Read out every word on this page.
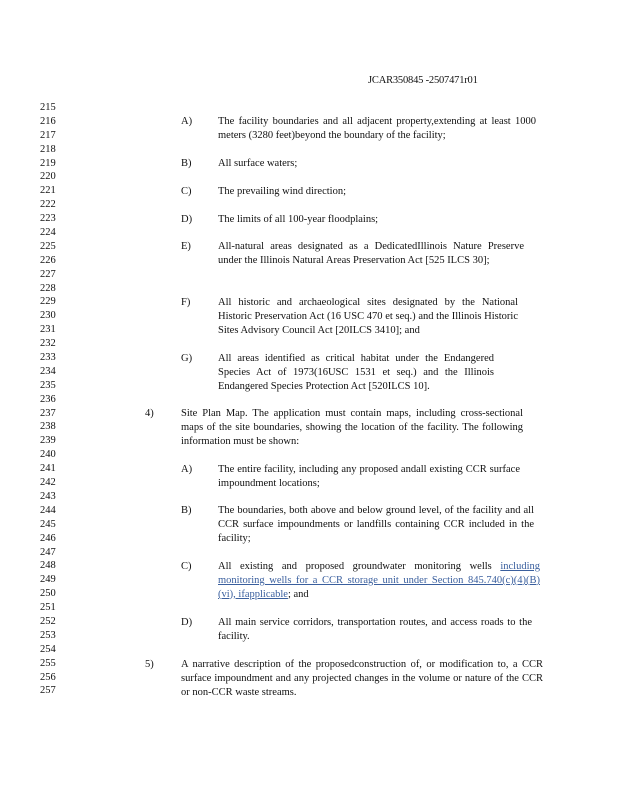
JCAR350845 -2507471r01
215
216
217
218
219
220
221
222
223
224
225
226
227
228
229
230
231
232
233
234
235
236
237
238
239
240
241
242
243
244
245
246
247
248
249
250
251
252
253
254
255
256
257
A) The facility boundaries and all adjacent property,extending at least 1000 meters (3280 feet)beyond the boundary of the facility;
B)	All surface waters;
C)	The prevailing wind direction;
D) The limits of all 100-year floodplains;
E)	All-natural areas designated as a DedicatedIllinois Nature Preserve under the Illinois Natural Areas Preservation Act [525 ILCS 30];
F)	All historic and archaeological sites designated by the National Historic Preservation Act (16 USC 470 et seq.) and the Illinois Historic Sites Advisory Council Act [20ILCS 3410]; and
G) All areas identified as critical habitat under the Endangered Species Act of 1973(16USC 1531 et seq.) and the Illinois Endangered Species Protection Act [520ILCS 10].
4)	Site Plan Map. The application must contain maps, including cross-sectional maps of the site boundaries, showing the location of the facility. The following information must be shown:
A) The entire facility, including any proposed andall existing CCR surface impoundment locations;
B)	The boundaries, both above and below ground level, of the facility and all CCR surface impoundments or landfills containing CCR included in the facility;
C)	All existing and proposed groundwater monitoring wells including monitoring wells for a CCR storage unit under Section 845.740(c)(4)(B)(vi), ifapplicable; and
D) All main service corridors, transportation routes, and access roads to the facility.
5)	A narrative description of the proposedconstruction of, or modification to, a CCR surface impoundment and any projected changes in the volume or nature of the CCR or non-CCR waste streams.
